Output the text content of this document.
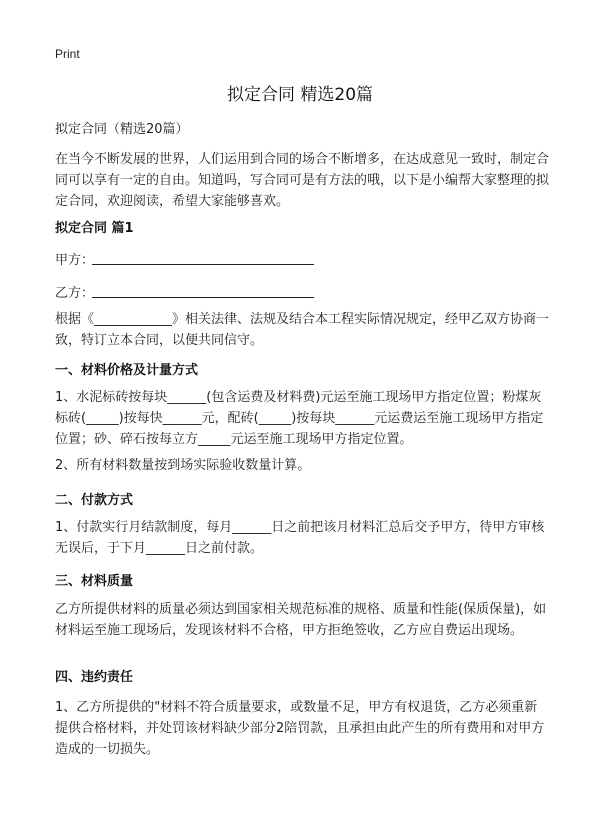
Print
拟定合同 精选20篇
拟定合同（精选20篇）
在当今不断发展的世界，人们运用到合同的场合不断增多，在达成意见一致时，制定合同可以享有一定的自由。知道吗，写合同可是有方法的哦，以下是小编帮大家整理的拟定合同，欢迎阅读，希望大家能够喜欢。
拟定合同 篇1
甲方：
乙方：
根据《____________》相关法律、法规及结合本工程实际情况规定，经甲乙双方协商一致，特订立本合同，以便共同信守。
一、材料价格及计量方式
1、水泥标砖按每块______(包含运费及材料费)元运至施工现场甲方指定位置；粉煤灰标砖(_____)按每快______元，配砖(_____)按每块______元运费运至施工现场甲方指定位置；砂、碎石按每立方_____元运至施工现场甲方指定位置。
2、所有材料数量按到场实际验收数量计算。
二、付款方式
1、付款实行月结款制度，每月______日之前把该月材料汇总后交予甲方，待甲方审核无误后，于下月______日之前付款。
三、材料质量
乙方所提供材料的质量必须达到国家相关规范标准的规格、质量和性能(保质保量)，如材料运至施工现场后，发现该材料不合格，甲方拒绝签收，乙方应自费运出现场。
四、违约责任
1、乙方所提供的"材料不符合质量要求，或数量不足，甲方有权退货，乙方必须重新提供合格材料，并处罚该材料缺少部分2陪罚款，且承担由此产生的所有费用和对甲方造成的一切损失。
